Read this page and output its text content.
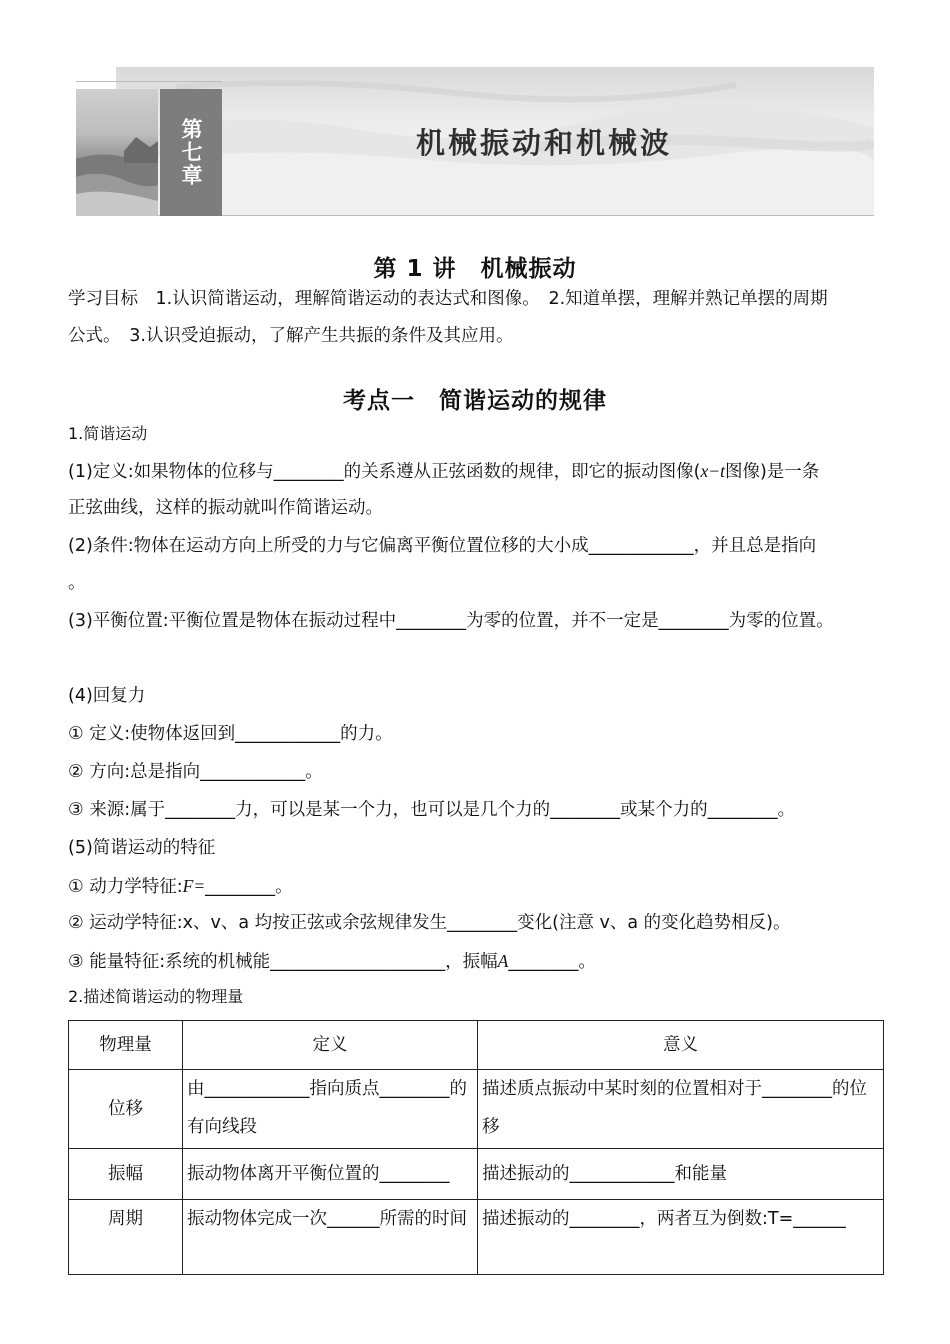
第七章	机械振动和机械波
第 1 讲　机械振动
学习目标　1.认识简谐运动，理解简谐运动的表达式和图像。　2.知道单摆，理解并熟记单摆的周期
公式。　3.认识受迫振动，了解产生共振的条件及其应用。
考点一　简谐运动的规律
1.简谐运动
(1)定义:如果物体的位移与________的关系遵从正弦函数的规律，即它的振动图像(x−t图像)是一条
正弦曲线，这样的振动就叫作简谐运动。
(2)条件:物体在运动方向上所受的力与它偏离平衡位置位移的大小成____________，并且总是指向
。
(3)平衡位置:平衡位置是物体在振动过程中________为零的位置，并不一定是________为零的位置。
(4)回复力
① 定义:使物体返回到____________的力。
② 方向:总是指向____________。
③ 来源:属于________力，可以是某一个力，也可以是几个力的________或某个力的________。
(5)简谐运动的特征
① 动力学特征:F=________。
② 运动学特征:x、v、a 均按正弦或余弦规律发生________变化(注意 v、a 的变化趋势相反)。
③ 能量特征:系统的机械能____________________，振幅A________。
2.描述简谐运动的物理量
物理量	定义	意义
位移	由____________指向质点________的有向线段	描述质点振动中某时刻的位置相对于________的位移
振幅	振动物体离开平衡位置的________	描述振动的____________和能量
周期	振动物体完成一次______所需的时间	描述振动的________，两者互为倒数:T=______
